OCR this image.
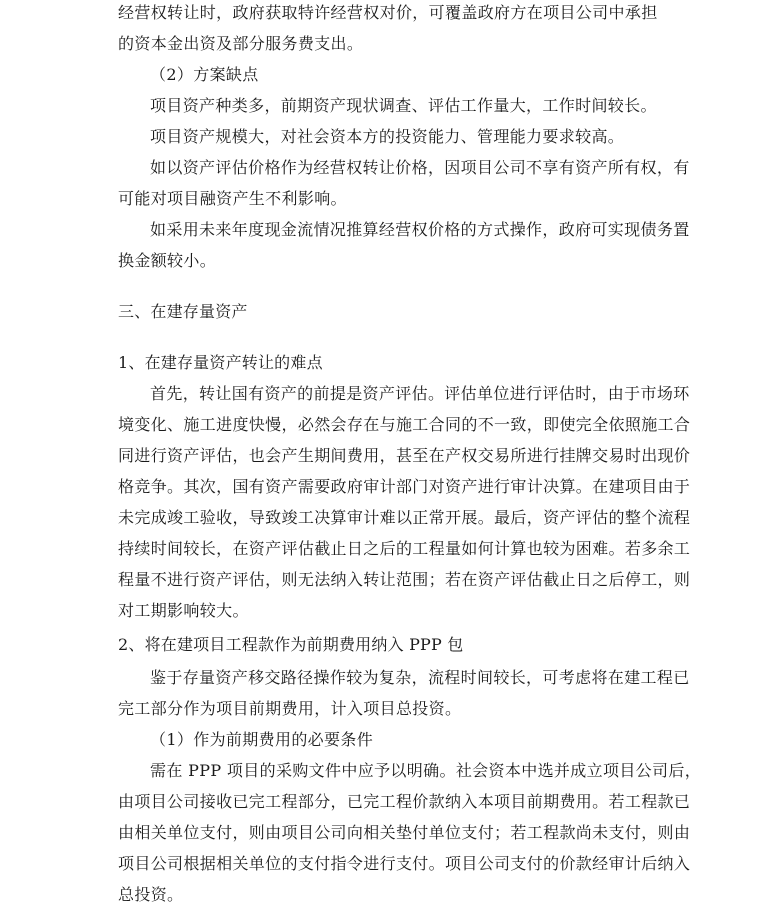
经营权转让时，政府获取特许经营权对价，可覆盖政府方在项目公司中承担
的资本金出资及部分服务费支出。
（2）方案缺点
项目资产种类多，前期资产现状调查、评估工作量大，工作时间较长。
项目资产规模大，对社会资本方的投资能力、管理能力要求较高。
如以资产评估价格作为经营权转让价格，因项目公司不享有资产所有权，有
可能对项目融资产生不利影响。
如采用未来年度现金流情况推算经营权价格的方式操作，政府可实现债务置
换金额较小。
三、在建存量资产
1、在建存量资产转让的难点
首先，转让国有资产的前提是资产评估。评估单位进行评估时，由于市场环
境变化、施工进度快慢，必然会存在与施工合同的不一致，即使完全依照施工合
同进行资产评估，也会产生期间费用，甚至在产权交易所进行挂牌交易时出现价
格竞争。其次，国有资产需要政府审计部门对资产进行审计决算。在建项目由于
未完成竣工验收，导致竣工决算审计难以正常开展。最后，资产评估的整个流程
持续时间较长，在资产评估截止日之后的工程量如何计算也较为困难。若多余工
程量不进行资产评估，则无法纳入转让范围；若在资产评估截止日之后停工，则
对工期影响较大。
2、将在建项目工程款作为前期费用纳入 PPP 包
鉴于存量资产移交路径操作较为复杂，流程时间较长，可考虑将在建工程已
完工部分作为项目前期费用，计入项目总投资。
（1）作为前期费用的必要条件
需在 PPP 项目的采购文件中应予以明确。社会资本中选并成立项目公司后，
由项目公司接收已完工程部分，已完工程价款纳入本项目前期费用。若工程款已
由相关单位支付，则由项目公司向相关垫付单位支付；若工程款尚未支付，则由
项目公司根据相关单位的支付指令进行支付。项目公司支付的价款经审计后纳入
总投资。
